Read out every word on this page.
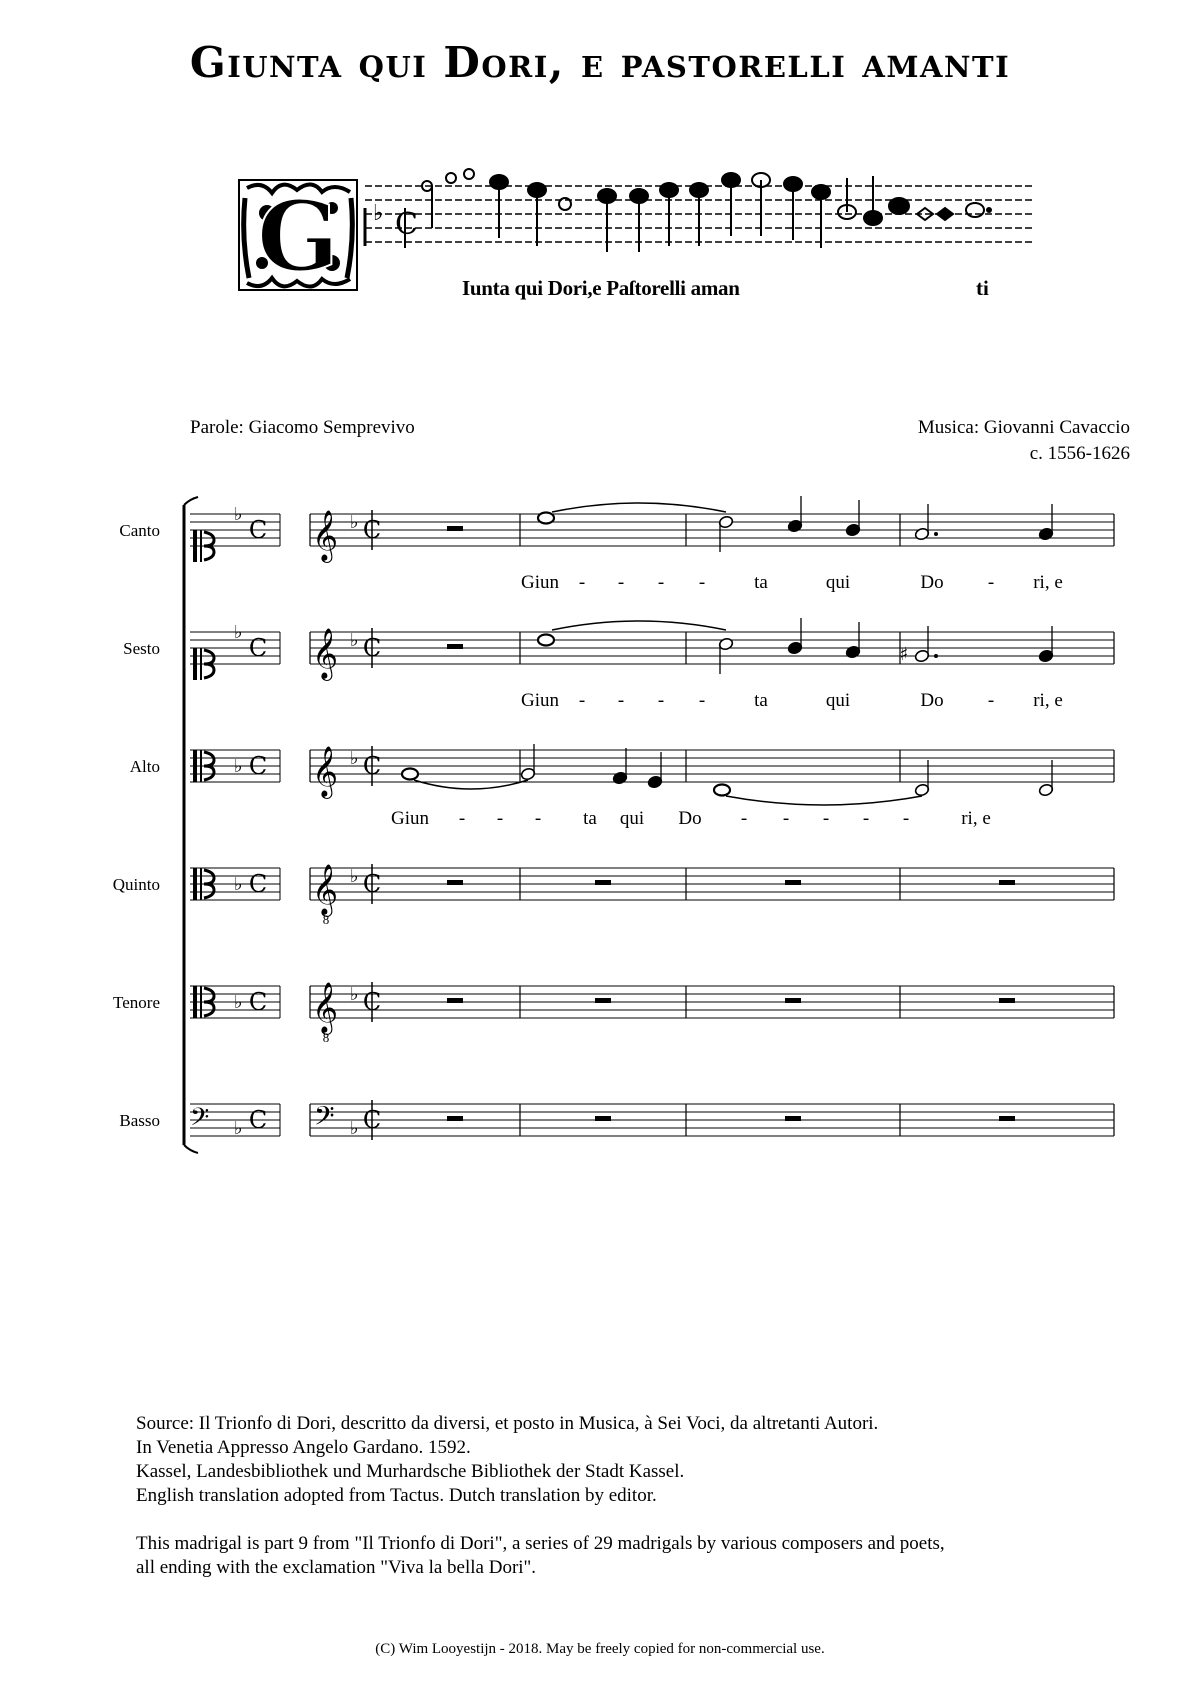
Giunta qui Dori, e pastorelli amanti
G ♭ C
Iunta qui Dori,e Paſtorelli aman	ti
Parole: Giacomo Semprevivo	Musica: Giovanni Cavaccio
c. 1556-1626
Canto
♭
C 𝄞 ♭ C
Sesto
♭
C 𝄞 ♭ C
Alto	♭ C 𝄞 ♭ C
Quinto	♭ C 𝄞
8
♭ C
Tenore	♭ C 𝄞
8
♭ C
Basso 𝄢 ♭ C 𝄢 ♭ C
♯
Giun - - - -	ta	qui	Do - ri, e
Giun - - - -	ta	qui	Do - ri, e
Giun - - - ta qui Do - - - - -	ri, e

Source: Il Trionfo di Dori, descritto da diversi, et posto in Musica, à Sei Voci, da altretanti Autori.

In Venetia Appresso Angelo Gardano. 1592.

Kassel, Landesbibliothek und Murhardsche Bibliothek der Stadt Kassel.

English translation adopted from Tactus. Dutch translation by editor.

This madrigal is part 9 from "Il Trionfo di Dori", a series of 29 madrigals by various composers and poets,

all ending with the exclamation "Viva la bella Dori".

(C) Wim Looyestijn - 2018. May be freely copied for non-commercial use.
